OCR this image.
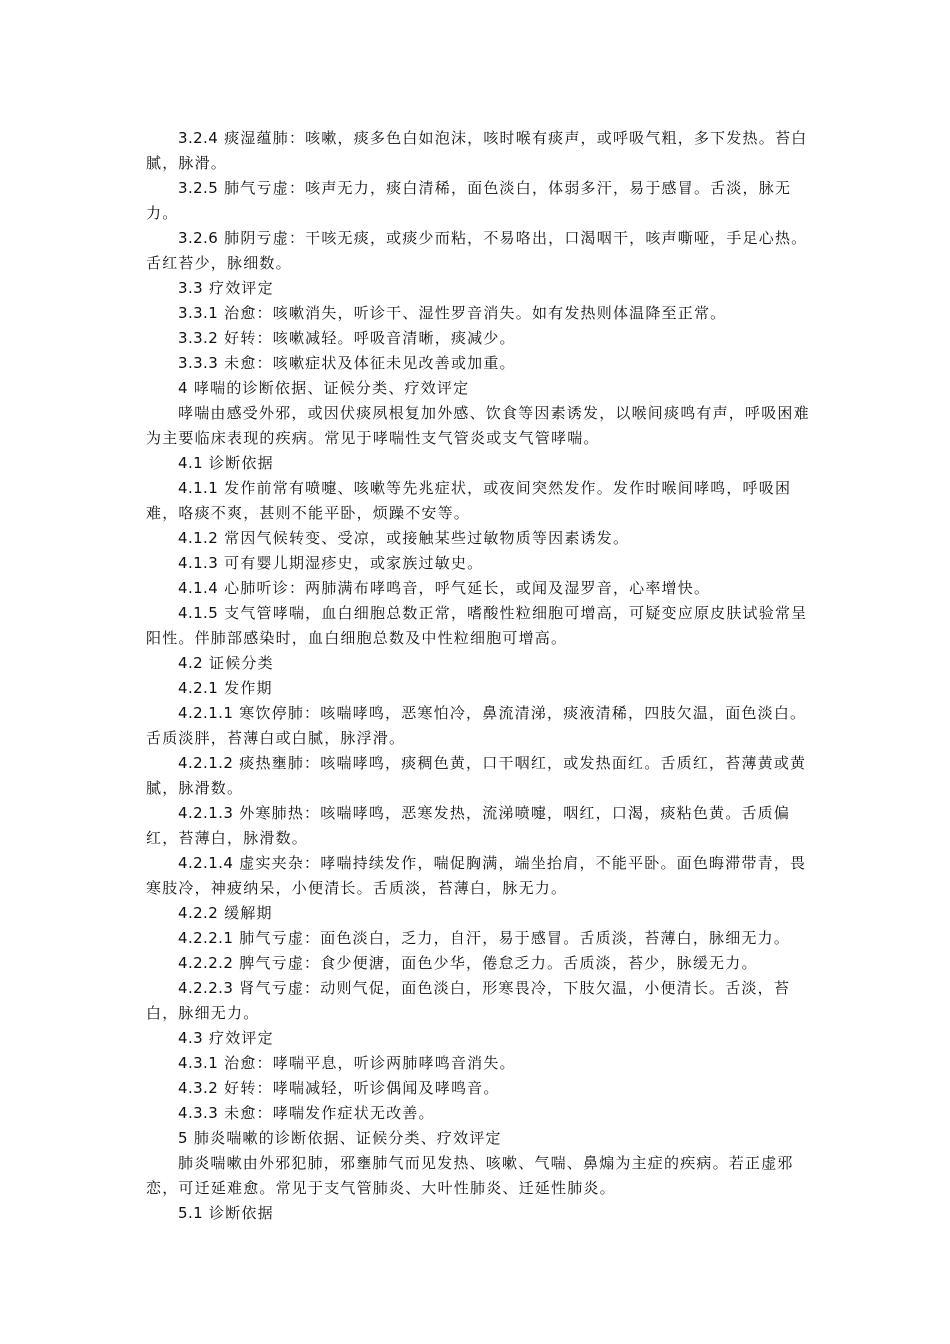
3.2.4 痰湿蕴肺：咳嗽，痰多色白如泡沫，咳时喉有痰声，或呼吸气粗，多下发热。苔白腻，脉滑。

3.2.5 肺气亏虚：咳声无力，痰白清稀，面色淡白，体弱多汗，易于感冒。舌淡，脉无力。

3.2.6 肺阴亏虚：干咳无痰，或痰少而粘，不易咯出，口渴咽干，咳声嘶哑，手足心热。舌红苔少，脉细数。

3.3 疗效评定

3.3.1 治愈：咳嗽消失，听诊干、湿性罗音消失。如有发热则体温降至正常。

3.3.2 好转：咳嗽减轻。呼吸音清晰，痰减少。

3.3.3 未愈：咳嗽症状及体征未见改善或加重。

4 哮喘的诊断依据、证候分类、疗效评定

哮喘由感受外邪，或因伏痰夙根复加外感、饮食等因素诱发，以喉间痰鸣有声，呼吸困难为主要临床表现的疾病。常见于哮喘性支气管炎或支气管哮喘。

4.1 诊断依据

4.1.1 发作前常有喷嚏、咳嗽等先兆症状，或夜间突然发作。发作时喉间哮鸣，呼吸困难，咯痰不爽，甚则不能平卧，烦躁不安等。

4.1.2 常因气候转变、受凉，或接触某些过敏物质等因素诱发。

4.1.3 可有婴儿期湿疹史，或家族过敏史。

4.1.4 心肺听诊：两肺满布哮鸣音，呼气延长，或闻及湿罗音，心率增快。

4.1.5 支气管哮喘，血白细胞总数正常，嗜酸性粒细胞可增高，可疑变应原皮肤试验常呈阳性。伴肺部感染时，血白细胞总数及中性粒细胞可增高。

4.2 证候分类

4.2.1 发作期

4.2.1.1 寒饮停肺：咳喘哮鸣，恶寒怕冷，鼻流清涕，痰液清稀，四肢欠温，面色淡白。舌质淡胖，苔薄白或白腻，脉浮滑。

4.2.1.2 痰热壅肺：咳喘哮鸣，痰稠色黄，口干咽红，或发热面红。舌质红，苔薄黄或黄腻，脉滑数。

4.2.1.3 外寒肺热：咳喘哮鸣，恶寒发热，流涕喷嚏，咽红，口渴，痰粘色黄。舌质偏红，苔薄白，脉滑数。

4.2.1.4 虚实夹杂：哮喘持续发作，喘促胸满，端坐抬肩，不能平卧。面色晦滞带青，畏寒肢冷，神疲纳呆，小便清长。舌质淡，苔薄白，脉无力。

4.2.2 缓解期

4.2.2.1 肺气亏虚：面色淡白，乏力，自汗，易于感冒。舌质淡，苔薄白，脉细无力。

4.2.2.2 脾气亏虚：食少便溏，面色少华，倦怠乏力。舌质淡，苔少，脉缓无力。

4.2.2.3 肾气亏虚：动则气促，面色淡白，形寒畏冷，下肢欠温，小便清长。舌淡，苔白，脉细无力。

4.3 疗效评定

4.3.1 治愈：哮喘平息，听诊两肺哮鸣音消失。

4.3.2 好转：哮喘减轻，听诊偶闻及哮鸣音。

4.3.3 未愈：哮喘发作症状无改善。

5 肺炎喘嗽的诊断依据、证候分类、疗效评定

肺炎喘嗽由外邪犯肺，邪壅肺气而见发热、咳嗽、气喘、鼻煽为主症的疾病。若正虚邪恋，可迁延难愈。常见于支气管肺炎、大叶性肺炎、迁延性肺炎。

5.1 诊断依据
